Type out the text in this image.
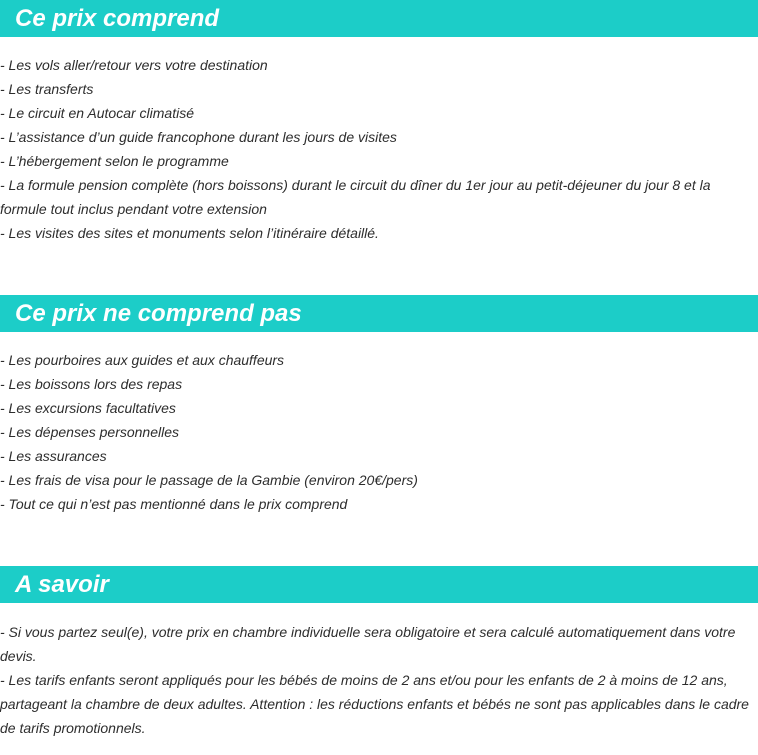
Ce prix comprend
- Les vols aller/retour vers votre destination
- Les transferts
- Le circuit en Autocar climatisé
- L’assistance d’un guide francophone durant les jours de visites
- L’hébergement selon le programme
- La formule pension complète (hors boissons) durant le circuit du dîner du 1er jour au petit-déjeuner du jour 8 et la formule tout inclus pendant votre extension
- Les visites des sites et monuments selon l’itinéraire détaillé.
Ce prix ne comprend pas
- Les pourboires aux guides et aux chauffeurs
- Les boissons lors des repas
- Les excursions facultatives
- Les dépenses personnelles
- Les assurances
- Les frais de visa pour le passage de la Gambie (environ 20€/pers)
- Tout ce qui n’est pas mentionné dans le prix comprend
A savoir
- Si vous partez seul(e), votre prix en chambre individuelle sera obligatoire et sera calculé automatiquement dans votre devis.
- Les tarifs enfants seront appliqués pour les bébés de moins de 2 ans et/ou pour les enfants de 2 à moins de 12 ans, partageant la chambre de deux adultes. Attention : les réductions enfants et bébés ne sont pas applicables dans le cadre de tarifs promotionnels.
